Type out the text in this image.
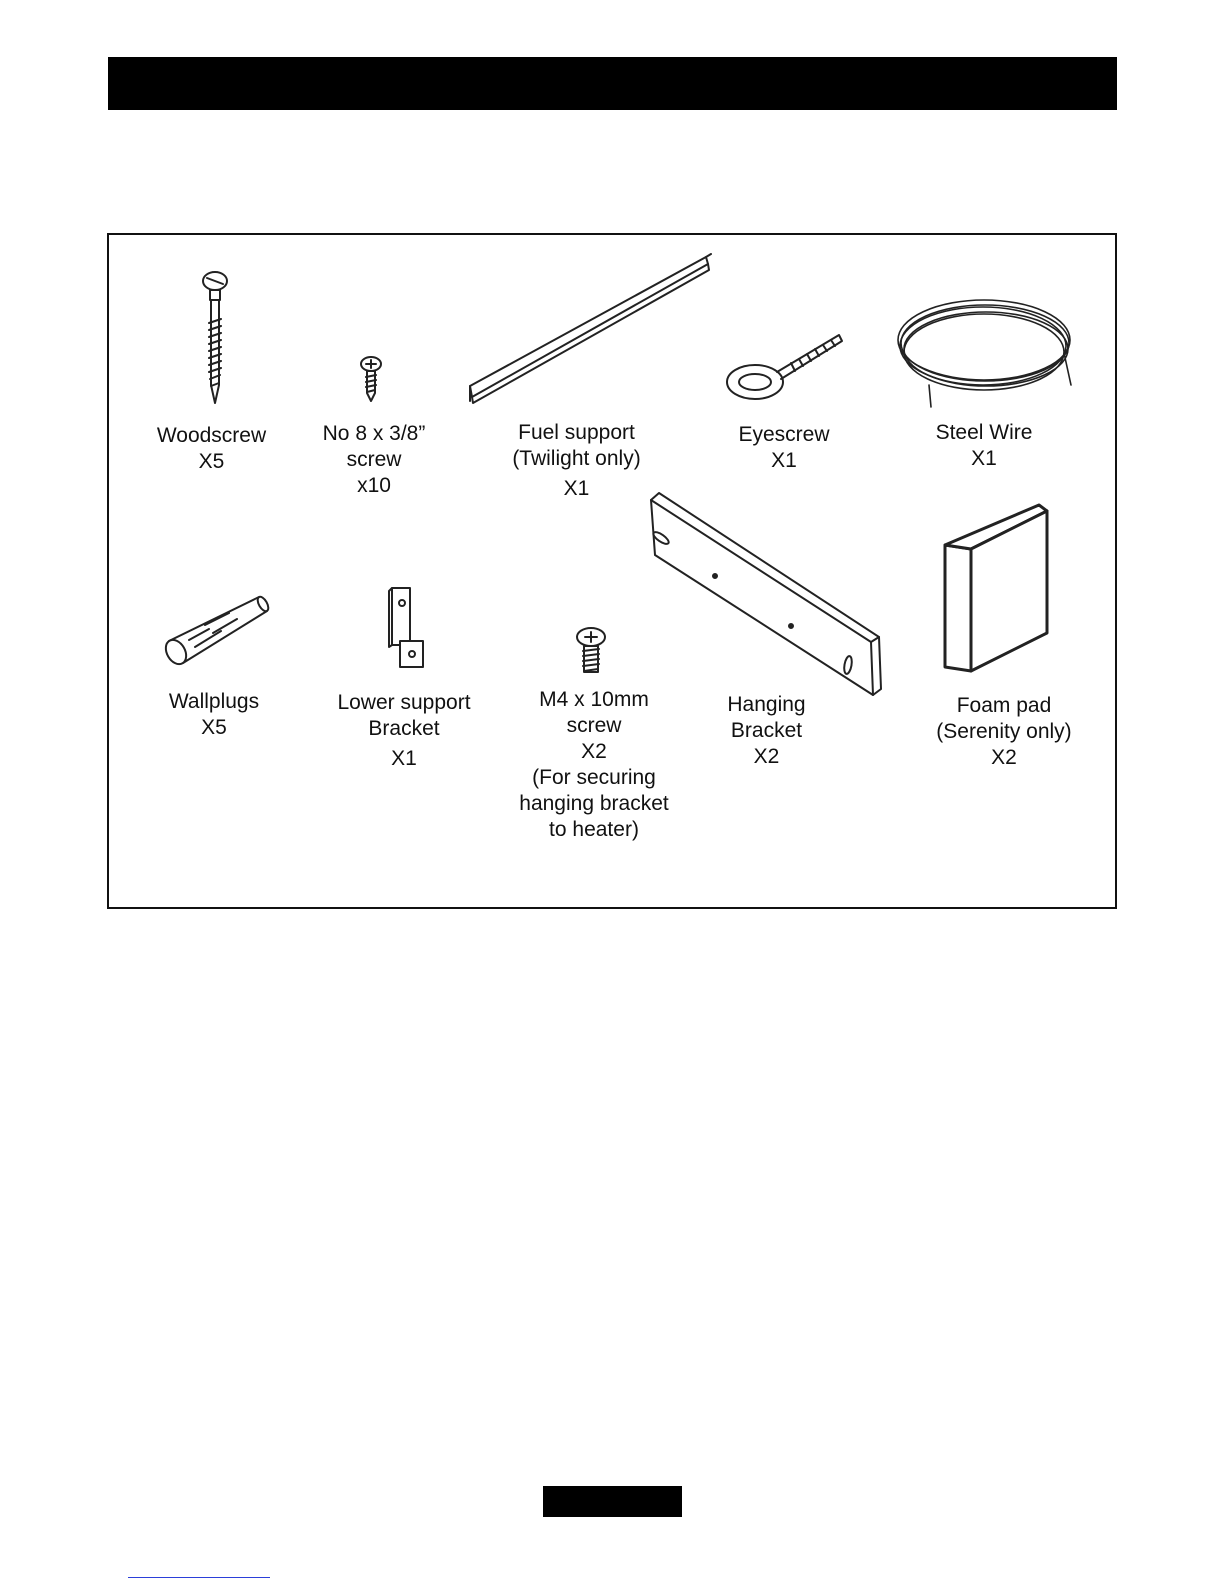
Woodscrew
X5
No 8 x 3/8”
screw
x10
Fuel support
(Twilight only)
X1
Eyescrew
X1
Steel Wire
X1
Wallplugs
X5
Lower support
Bracket
X1
M4 x 10mm
screw
X2
(For securing
hanging bracket
to heater)
Hanging
Bracket
X2
Foam pad
(Serenity only)
X2
